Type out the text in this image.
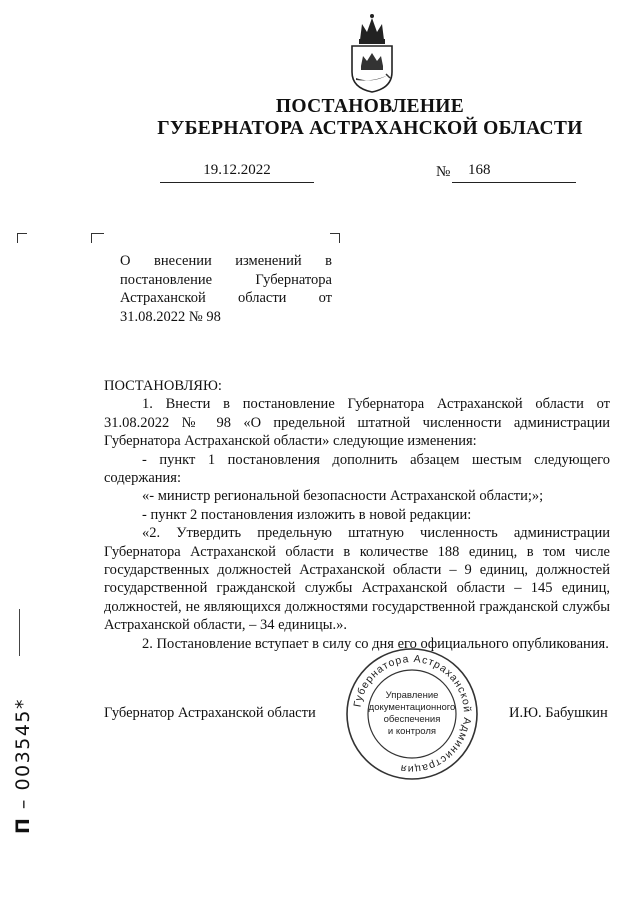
ПОСТАНОВЛЕНИЕ
ГУБЕРНАТОРА АСТРАХАНСКОЙ ОБЛАСТИ
19.12.2022	№ 168
О внесении изменений в постановление Губернатора Астраханской области от 31.08.2022 № 98

ПОСТАНОВЛЯЮ:

1. Внести в постановление Губернатора Астраханской области от 31.08.2022 № 98 «О предельной штатной численности администрации Губернатора Астраханской области» следующие изменения:

- пункт 1 постановления дополнить абзацем шестым следующего содержания:

«- министр региональной безопасности Астраханской области;»;

- пункт 2 постановления изложить в новой редакции:

«2. Утвердить предельную штатную численность администрации Губернатора Астраханской области в количестве 188 единиц, в том числе государственных должностей Астраханской области – 9 единиц, должностей государственной гражданской службы Астраханской области – 145 единиц, должностей, не являющихся должностями государственной гражданской службы Астраханской области, – 34 единицы.».

2. Постановление вступает в силу со дня его официального опубликования.

Губернатор Астраханской области	И.Ю. Бабушкин
Губернатора Астраханской Администрация
Управление
документационного
обеспечения
и контроля
П – 003545*
